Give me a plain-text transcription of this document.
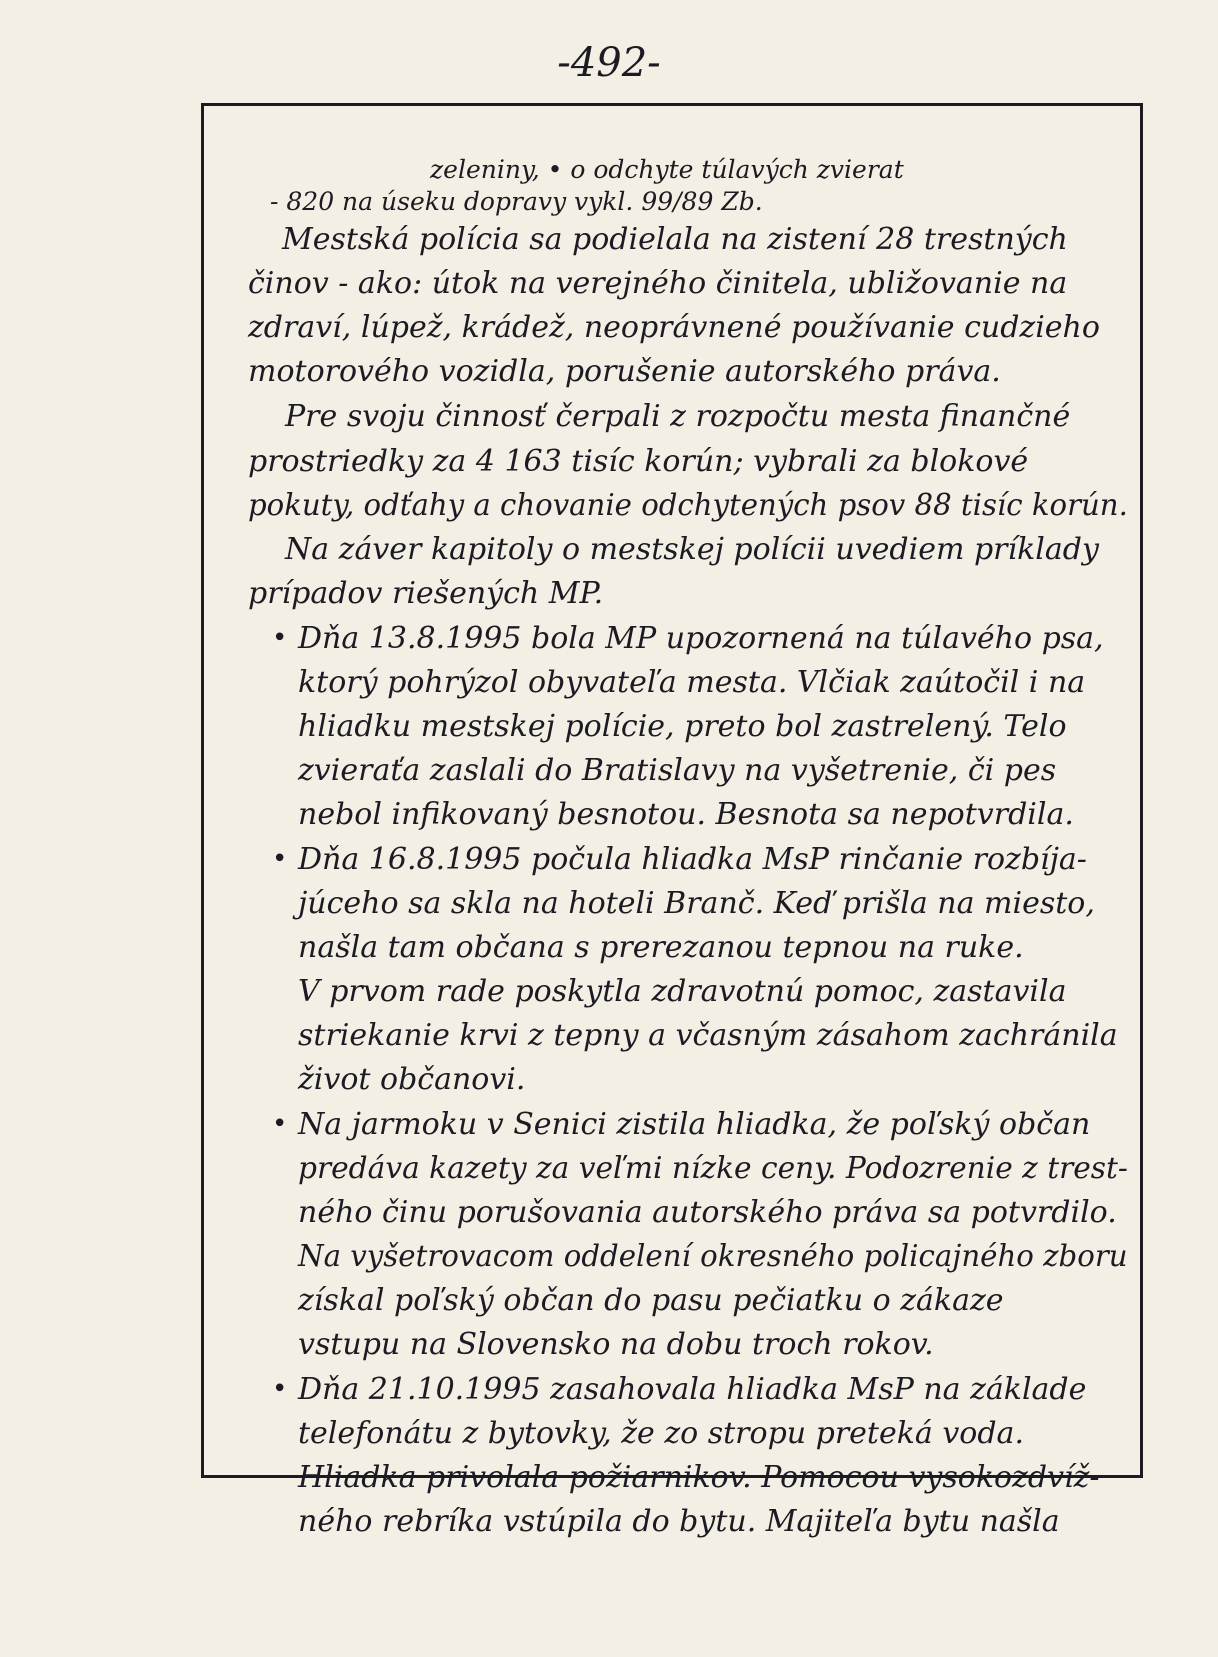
-492-
zeleniny, • o odchyte túlavých zvierat
- 820 na úseku dopravy vykl. 99/89 Zb.
Mestská polícia sa podielala na zistení 28 trestných
činov - ako: útok na verejného činitela, ubližovanie na
zdraví, lúpež, krádež, neoprávnené používanie cudzieho
motorového vozidla, porušenie autorského práva.
Pre svoju činnosť čerpali z rozpočtu mesta finančné
prostriedky za 4 163 tisíc korún; vybrali za blokové
pokuty, odťahy a chovanie odchytených psov 88 tisíc korún.
Na záver kapitoly o mestskej polícii uvediem príklady
prípadov riešených MP.
• Dňa 13.8.1995 bola MP upozornená na túlavého psa,
ktorý pohrýzol obyvateľa mesta. Vlčiak zaútočil i na
hliadku mestskej polície, preto bol zastrelený. Telo
zvieraťa zaslali do Bratislavy na vyšetrenie, či pes
nebol infikovaný besnotou. Besnota sa nepotvrdila.
• Dňa 16.8.1995 počula hliadka MsP rinčanie rozbíja-
júceho sa skla na hoteli Branč. Keď prišla na miesto,
našla tam občana s prerezanou tepnou na ruke.
V prvom rade poskytla zdravotnú pomoc, zastavila
striekanie krvi z tepny a včasným zásahom zachránila
život občanovi.
• Na jarmoku v Senici zistila hliadka, že poľský občan
predáva kazety za veľmi nízke ceny. Podozrenie z trest-
ného činu porušovania autorského práva sa potvrdilo.
Na vyšetrovacom oddelení okresného policajného zboru
získal poľský občan do pasu pečiatku o zákaze
vstupu na Slovensko na dobu troch rokov.
• Dňa 21.10.1995 zasahovala hliadka MsP na základe
telefonátu z bytovky, že zo stropu preteká voda.
Hliadka privolala požiarnikov. Pomocou vysokozdvíž-
ného rebríka vstúpila do bytu. Majiteľa bytu našla
